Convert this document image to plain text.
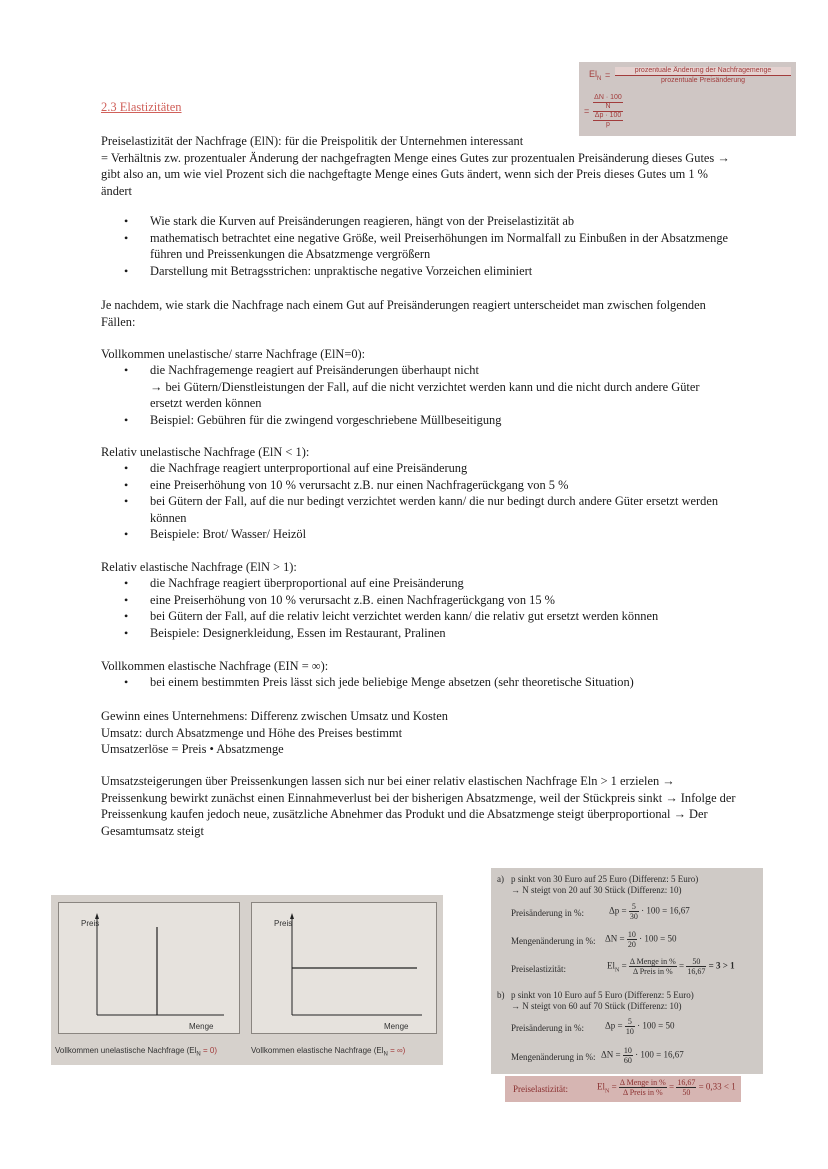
2.3 Elastizitäten
$El_N$ =	prozentuale Änderung der Nachfragemenge
prozentuale Preisänderung
=
ΔN · 100
N
Δp · 100
p

Preiselastizität der Nachfrage (ElN): für die Preispolitik der Unternehmen interessant

= Verhältnis zw. prozentualer Änderung der nachgefragten Menge eines Gutes zur prozentualen Preisänderung dieses Gutes → gibt also an, um wie viel Prozent sich die nachgeftagte Menge eines Guts ändert, wenn sich der Preis dieses Gutes um 1 % ändert

• Wie stark die Kurven auf Preisänderungen reagieren, hängt von der Preiselastizität ab
• mathematisch betrachtet eine negative Größe, weil Preiserhöhungen im Normalfall zu Einbußen in der Absatzmenge führen und Preissenkungen die Absatzmenge vergrößern
• Darstellung mit Betragsstrichen: unpraktische negative Vorzeichen eliminiert

Je nachdem, wie stark die Nachfrage nach einem Gut auf Preisänderungen reagiert unterscheidet man zwischen folgenden Fällen:

Vollkommen unelastische/ starre Nachfrage (ElN=0):

• die Nachfragemenge reagiert auf Preisänderungen überhaupt nicht
→ bei Gütern/Dienstleistungen der Fall, auf die nicht verzichtet werden kann und die nicht durch andere Güter ersetzt werden können
• Beispiel: Gebühren für die zwingend vorgeschriebene Müllbeseitigung

Relativ unelastische Nachfrage (ElN < 1):

• die Nachfrage reagiert unterproportional auf eine Preisänderung
• eine Preiserhöhung von 10 % verursacht z.B. nur einen Nachfragerückgang von 5 %
• bei Gütern der Fall, auf die nur bedingt verzichtet werden kann/ die nur bedingt durch andere Güter ersetzt werden können
• Beispiele: Brot/ Wasser/ Heizöl

Relativ elastische Nachfrage (ElN > 1):

• die Nachfrage reagiert überproportional auf eine Preisänderung
• eine Preiserhöhung von 10 % verursacht z.B. einen Nachfragerückgang von 15 %
• bei Gütern der Fall, auf die relativ leicht verzichtet werden kann/ die relativ gut ersetzt werden können
• Beispiele: Designerkleidung, Essen im Restaurant, Pralinen

Vollkommen elastische Nachfrage (EIN = ∞):

• bei einem bestimmten Preis lässt sich jede beliebige Menge absetzen (sehr theoretische Situation)

Gewinn eines Unternehmens: Differenz zwischen Umsatz und Kosten

Umsatz: durch Absatzmenge und Höhe des Preises bestimmt

Umsatzerlöse = Preis • Absatzmenge

Umsatzsteigerungen über Preissenkungen lassen sich nur bei einer relativ elastischen Nachfrage Eln > 1 erzielen → Preissenkung bewirkt zunächst einen Einnahmeverlust bei der bisherigen Absatzmenge, weil der Stückpreis sinkt → Infolge der Preissenkung kaufen jedoch neue, zusätzliche Abnehmer das Produkt und die Absatzmenge steigt überproportional → Der Gesamtumsatz steigt

Preis
Menge
Vollkommen unelastische Nachfrage $(El_N = 0)$
Preis
Menge
Vollkommen elastische Nachfrage ($El_N$ = ∞)
a) p sinkt von 30 Euro auf 25 Euro (Differenz: 5 Euro)
→ N steigt von 20 auf 30 Stück (Differenz: 10)
Preisänderung in %:	$\Delta p = \frac{5}{30} \cdot 100 = 16,67$
Mengenänderung in %: $\Delta N = \frac{10}{20} \cdot 100 = 50$
Preiselastizität:	$El_N = \frac{\text{Δ Menge in \%}}{\text{Δ Preis in \%}} = \frac{50}{16,67} = 3 > 1$
b) p sinkt von 10 Euro auf 5 Euro (Differenz: 5 Euro)
→ N steigt von 60 auf 70 Stück (Differenz: 10)
Preisänderung in %: $\Delta p = \frac{5}{10} \cdot 100 = 50$
Mengenänderung in %: $\Delta N = \frac{10}{60} \cdot 100 = 16,67$
Preiselastizität:	$El_N = \frac{\text{Δ Menge in \%}}{\text{Δ Preis in \%}} = \frac{16,67}{50} = 0,33 < 1$
